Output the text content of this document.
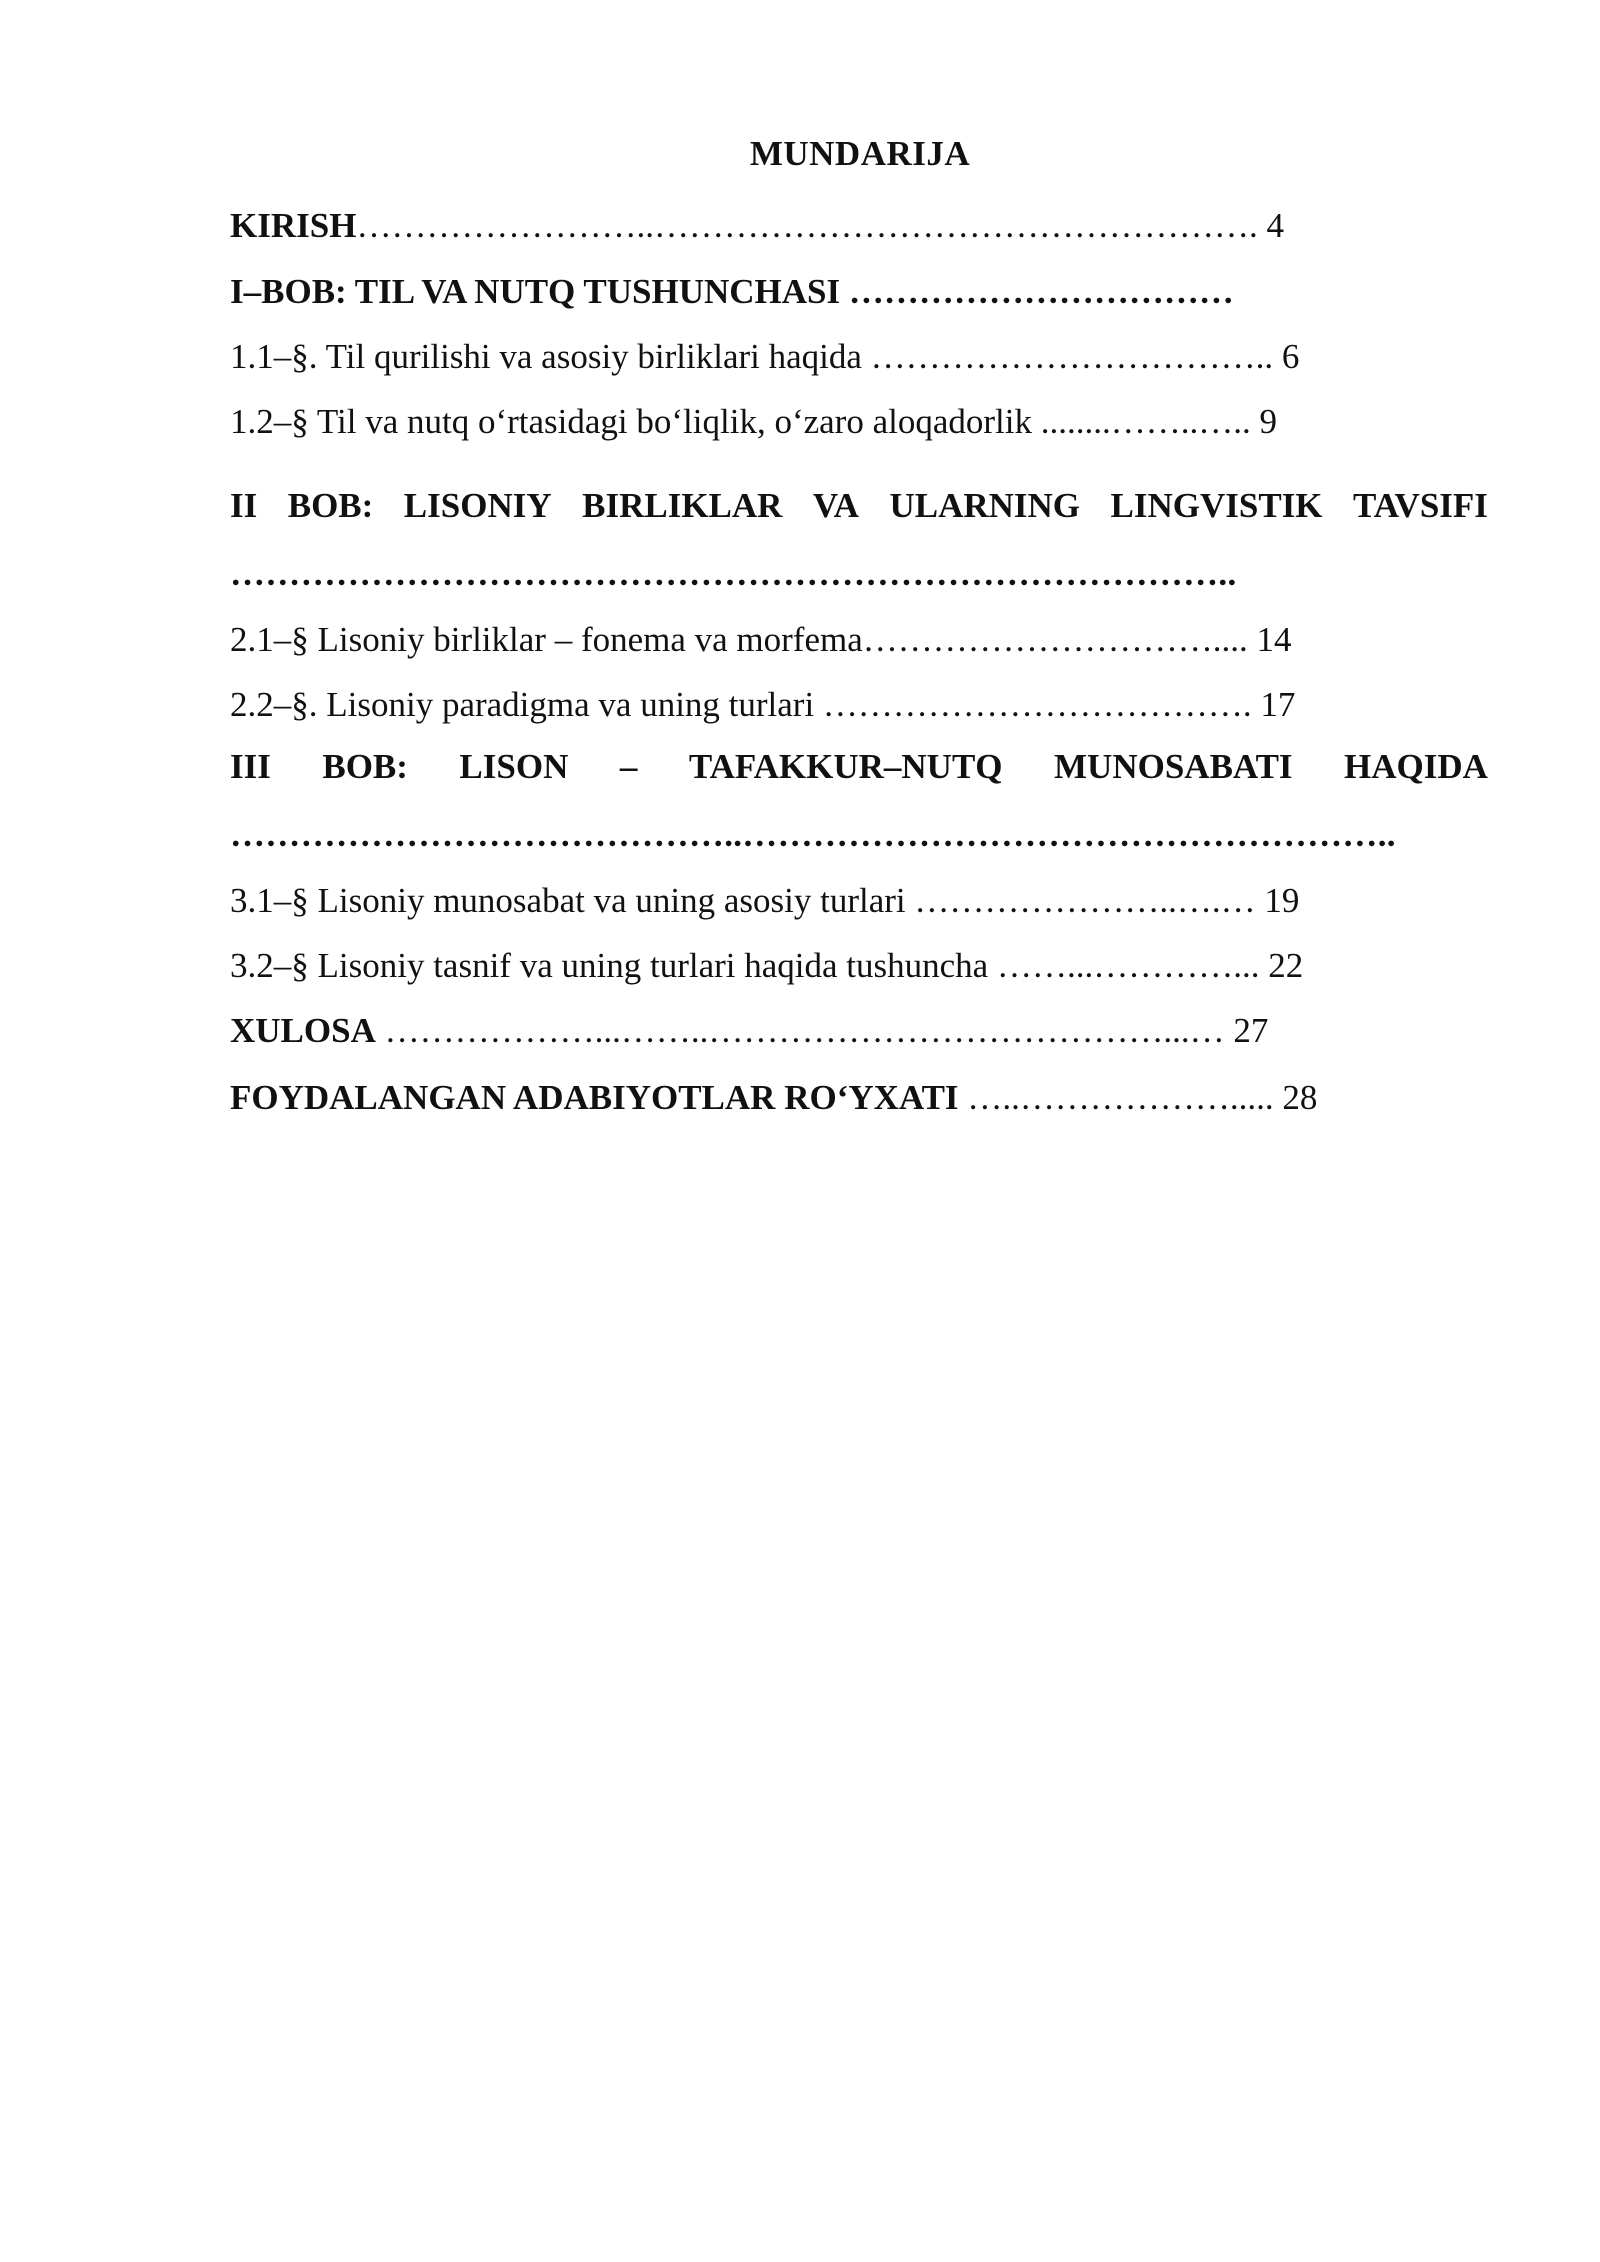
MUNDARIJA
KIRISH……………………..……………………………………………. 4
I–BOB: TIL VA NUTQ TUSHUNCHASI ……………………………
1.1–§. Til qurilishi va asosiy birliklari haqida …………………………….. 6
1.2–§ Til va nutq o‘rtasidagi bo‘liqlik, o‘zaro aloqadorlik ........……..….. 9
II BOB: LISONIY BIRLIKLAR VA ULARNING LINGVISTIK TAVSIFI
…………………………………………………………………………..
2.1–§ Lisoniy birliklar – fonema va morfema………………………….... 14
2.2–§. Lisoniy paradigma va uning turlari ………………………………. 17
III BOB: LISON – TAFAKKUR–NUTQ MUNOSABATI HAQIDA
……………………………………..………………………………………………..
3.1–§ Lisoniy munosabat va uning asosiy turlari …………………..….… 19
3.2–§ Lisoniy tasnif va uning turlari haqida tushuncha ……...…………... 22
XULOSA ………………...……..…………………………………...… 27
FOYDALANGAN ADABIYOTLAR RO‘YXATI …..………………..... 28
